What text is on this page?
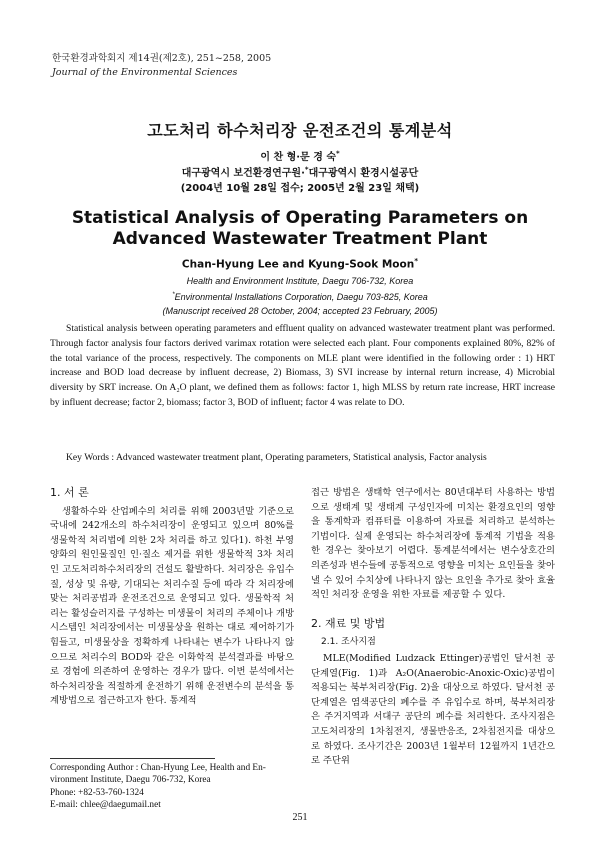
한국환경과학회지 제14권(제2호), 251~258, 2005
Journal of the Environmental Sciences
고도처리 하수처리장 운전조건의 통계분석
이 찬 형·문 경 숙*
대구광역시 보건환경연구원·*대구광역시 환경시설공단
(2004년 10월 28일 접수; 2005년 2월 23일 채택)
Statistical Analysis of Operating Parameters on
Advanced Wastewater Treatment Plant
Chan-Hyung Lee and Kyung-Sook Moon*
Health and Environment Institute, Daegu 706-732, Korea
*Environmental Installations Corporation, Daegu 703-825, Korea
(Manuscript received 28 October, 2004; accepted 23 February, 2005)

Statistical analysis between operating parameters and effluent quality on advanced wastewater treatment plant was performed. Through factor analysis four factors derived varimax rotation were selected each plant. Four components explained 80%, 82% of the total variance of the process, respectively. The components on MLE plant were identified in the following order : 1) HRT increase and BOD load decrease by influent decrease, 2) Biomass, 3) SVI increase by internal return increase, 4) Microbial diversity by SRT increase. On A₂O plant, we defined them as follows: factor 1, high MLSS by return rate increase, HRT increase by influent decrease; factor 2, biomass; factor 3, BOD of influent; factor 4 was relate to DO.

Key Words : Advanced wastewater treatment plant, Operating parameters, Statistical analysis, Factor analysis
1. 서 론

생활하수와 산업폐수의 처리를 위해 2003년말 기준으로 국내에 242개소의 하수처리장이 운영되고 있으며 80%를 생물학적 처리법에 의한 2차 처리를 하고 있다1). 하천 부영양화의 원인물질인 인·질소 제거를 위한 생물학적 3차 처리인 고도처리하수처리장의 건설도 활발하다. 처리장은 유입수질, 성상 및 유량, 기대되는 처리수질 등에 따라 각 처리장에 맞는 처리공법과 운전조건으로 운영되고 있다. 생물학적 처리는 활성슬러지를 구성하는 미생물이 처리의 주체이나 개방시스템인 처리장에서는 미생물상을 원하는 대로 제어하기가 힘들고, 미생물상을 정확하게 나타내는 변수가 나타나지 않으므로 처리수의 BOD와 같은 이화학적 분석결과를 바탕으로 경험에 의존하여 운영하는 경우가 많다. 이번 분석에서는 하수처리장을 적절하게 운전하기 위해 운전변수의 분석을 통계방법으로 접근하고자 한다. 통계적

접근 방법은 생태학 연구에서는 80년대부터 사용하는 방법으로 생태계 및 생태계 구성인자에 미치는 환경요인의 영향을 통계학과 컴퓨터를 이용하여 자료를 처리하고 분석하는 기법이다. 실제 운영되는 하수처리장에 통계적 기법을 적용한 경우는 찾아보기 어렵다. 통계분석에서는 변수상호간의 의존성과 변수들에 공통적으로 영향을 미치는 요인들을 찾아낼 수 있어 수치상에 나타나지 않는 요인을 추가로 찾아 효율적인 처리장 운영을 위한 자료를 제공할 수 있다.

2. 재료 및 방법
2.1. 조사지점

MLE(Modified Ludzack Ettinger)공법인 달서천 공단계열(Fig. 1)과 A₂O(Anaerobic-Anoxic-Oxic)공법이 적용되는 북부처리장(Fig. 2)을 대상으로 하였다. 달서천 공단계열은 염색공단의 폐수를 주 유입수로 하며, 북부처리장은 주거지역과 서대구 공단의 폐수를 처리한다. 조사지점은 고도처리장의 1차침전지, 생물반응조, 2차침전지를 대상으로 하였다. 조사기간은 2003년 1월부터 12월까지 1년간으로 주단위

Corresponding Author : Chan-Hyung Lee, Health and En-
vironment Institute, Daegu 706-732, Korea
Phone: +82-53-760-1324
E-mail: chlee@daegumail.net
251
